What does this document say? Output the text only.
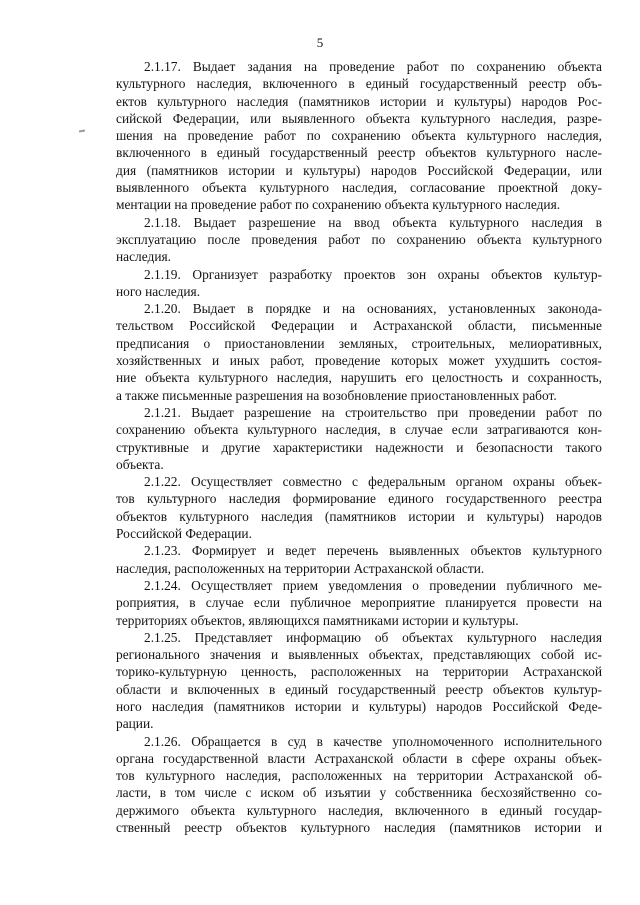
5

2.1.17. Выдает задания на проведение работ по сохранению объекта
культурного наследия, включенного в единый государственный реестр объ-
ектов культурного наследия (памятников истории и культуры) народов Рос-
сийской Федерации, или выявленного объекта культурного наследия, разре-
шения на проведение работ по сохранению объекта культурного наследия,
включенного в единый государственный реестр объектов культурного насле-
дия (памятников истории и культуры) народов Российской Федерации, или
выявленного объекта культурного наследия, согласование проектной доку-
ментации на проведение работ по сохранению объекта культурного наследия.

2.1.18. Выдает разрешение на ввод объекта культурного наследия в
эксплуатацию после проведения работ по сохранению объекта культурного
наследия.

2.1.19. Организует разработку проектов зон охраны объектов культур-
ного наследия.

2.1.20. Выдает в порядке и на основаниях, установленных законода-
тельством Российской Федерации и Астраханской области, письменные
предписания о приостановлении земляных, строительных, мелиоративных,
хозяйственных и иных работ, проведение которых может ухудшить состоя-
ние объекта культурного наследия, нарушить его целостность и сохранность,
а также письменные разрешения на возобновление приостановленных работ.

2.1.21. Выдает разрешение на строительство при проведении работ по
сохранению объекта культурного наследия, в случае если затрагиваются кон-
структивные и другие характеристики надежности и безопасности такого
объекта.

2.1.22. Осуществляет совместно с федеральным органом охраны объек-
тов культурного наследия формирование единого государственного реестра
объектов культурного наследия (памятников истории и культуры) народов
Российской Федерации.

2.1.23. Формирует и ведет перечень выявленных объектов культурного
наследия, расположенных на территории Астраханской области.

2.1.24. Осуществляет прием уведомления о проведении публичного ме-
роприятия, в случае если публичное мероприятие планируется провести на
территориях объектов, являющихся памятниками истории и культуры.

2.1.25. Представляет информацию об объектах культурного наследия
регионального значения и выявленных объектах, представляющих собой ис-
торико-культурную ценность, расположенных на территории Астраханской
области и включенных в единый государственный реестр объектов культур-
ного наследия (памятников истории и культуры) народов Российской Феде-
рации.

2.1.26. Обращается в суд в качестве уполномоченного исполнительного
органа государственной власти Астраханской области в сфере охраны объек-
тов культурного наследия, расположенных на территории Астраханской об-
ласти, в том числе с иском об изъятии у собственника бесхозяйственно со-
держимого объекта культурного наследия, включенного в единый государ-
ственный реестр объектов культурного наследия (памятников истории и
